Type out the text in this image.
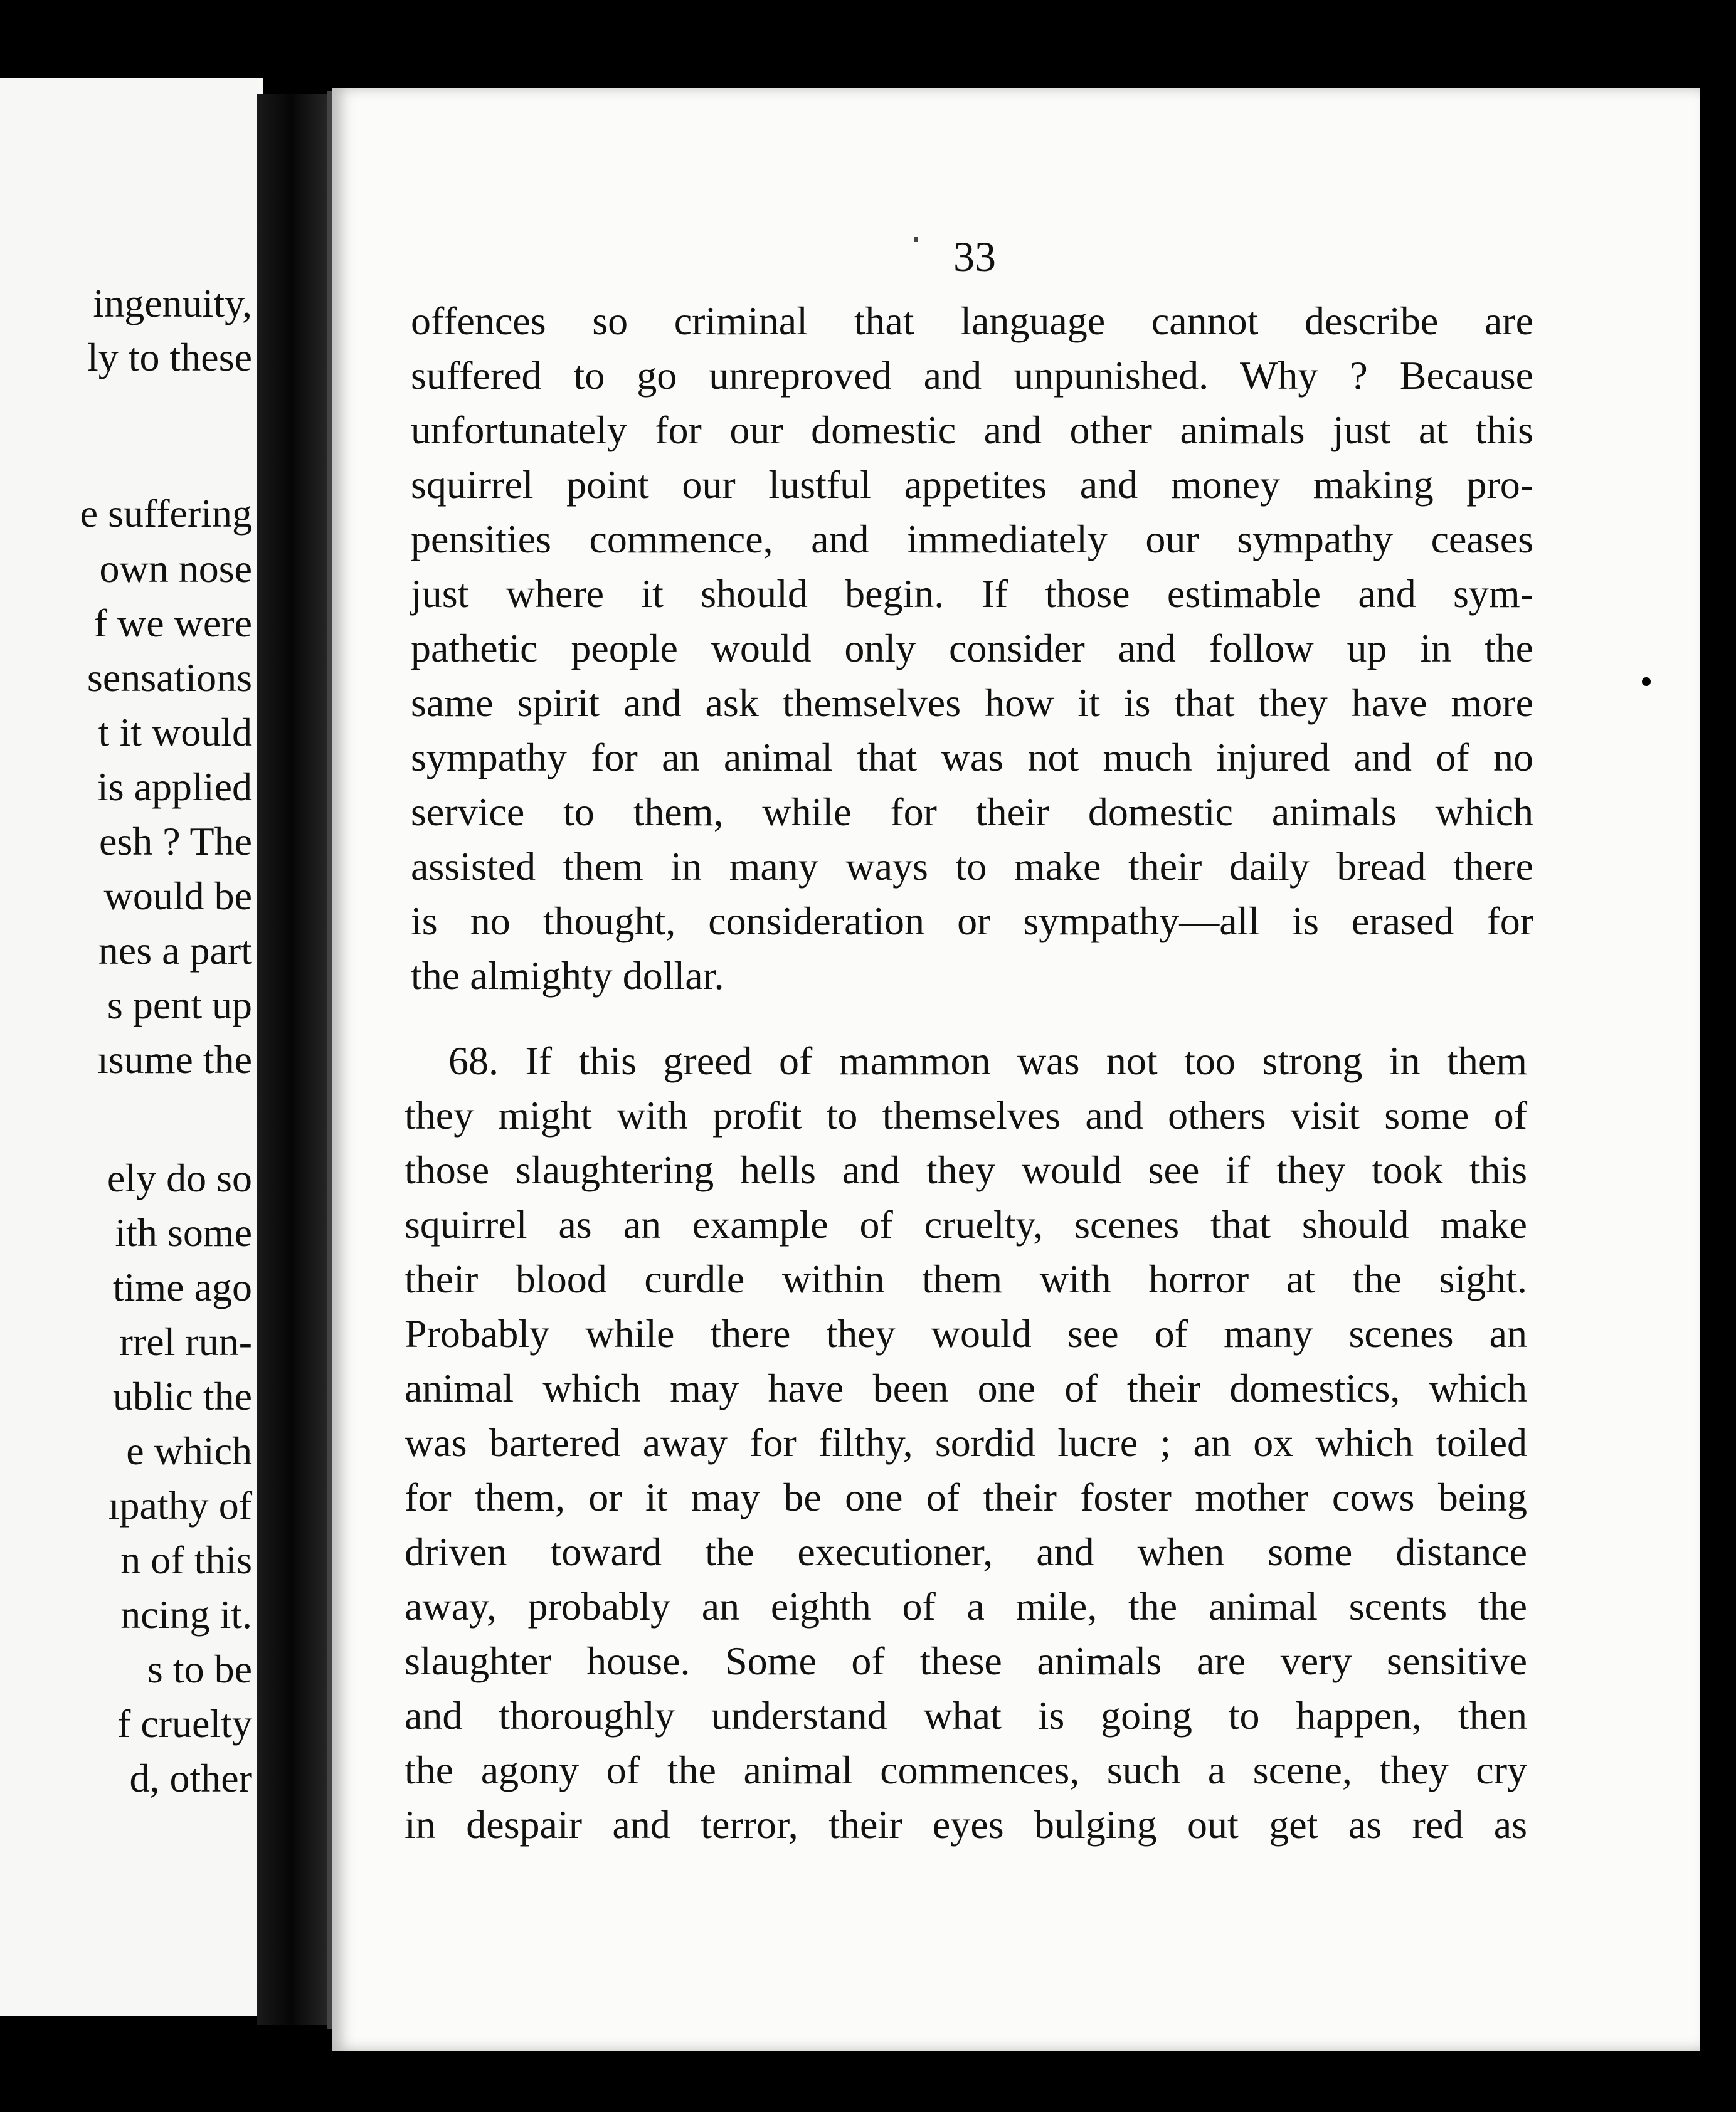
ingenuity,
ly to these
e suffering
own nose
f we were
sensations
t it would
is applied
esh ? The
would be
nes a part
s pent up
ısume the
ely do so
ith some
time ago
rrel run-
ublic the
e which
ıpathy of
n of this
ncing it.
s to be
f cruelty
d, other
33
offences so criminal that language cannot describe are
suffered to go unreproved and unpunished. Why ? Because
unfortunately for our domestic and other animals just at this
squirrel point our lustful appetites and money making pro-
pensities commence, and immediately our sympathy ceases
just where it should begin. If those estimable and sym-
pathetic people would only consider and follow up in the
same spirit and ask themselves how it is that they have more
sympathy for an animal that was not much injured and of no
service to them, while for their domestic animals which
assisted them in many ways to make their daily bread there
is no thought, consideration or sympathy—all is erased for
the almighty dollar.
68. If this greed of mammon was not too strong in them
they might with profit to themselves and others visit some of
those slaughtering hells and they would see if they took this
squirrel as an example of cruelty, scenes that should make
their blood curdle within them with horror at the sight.
Probably while there they would see of many scenes an
animal which may have been one of their domestics, which
was bartered away for filthy, sordid lucre ; an ox which toiled
for them, or it may be one of their foster mother cows being
driven toward the executioner, and when some distance
away, probably an eighth of a mile, the animal scents the
slaughter house. Some of these animals are very sensitive
and thoroughly understand what is going to happen, then
the agony of the animal commences, such a scene, they cry
in despair and terror, their eyes bulging out get as red as
